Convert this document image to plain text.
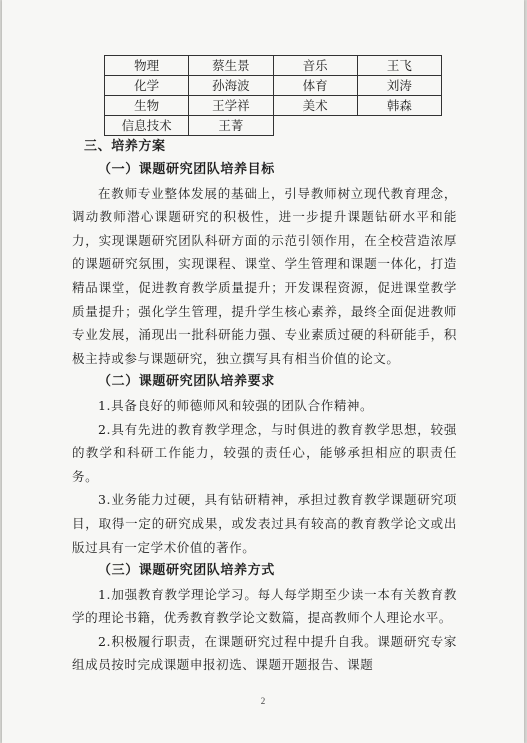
物理	蔡生景	音乐	王飞
化学	孙海波	体育	刘涛
生物	王学祥	美术	韩森
信息技术	王菁		

三、培养方案

（一）课题研究团队培养目标

在教师专业整体发展的基础上，引导教师树立现代教育理念，调动教师潜心课题研究的积极性，进一步提升课题钻研水平和能力，实现课题研究团队科研方面的示范引领作用，在全校营造浓厚的课题研究氛围，实现课程、课堂、学生管理和课题一体化，打造精品课堂，促进教育教学质量提升；开发课程资源，促进课堂教学质量提升；强化学生管理，提升学生核心素养，最终全面促进教师专业发展，涌现出一批科研能力强、专业素质过硬的科研能手，积极主持或参与课题研究，独立撰写具有相当价值的论文。

（二）课题研究团队培养要求

1.具备良好的师德师风和较强的团队合作精神。

2.具有先进的教育教学理念，与时俱进的教育教学思想，较强的教学和科研工作能力，较强的责任心，能够承担相应的职责任务。

3.业务能力过硬，具有钻研精神，承担过教育教学课题研究项目，取得一定的研究成果，或发表过具有较高的教育教学论文或出版过具有一定学术价值的著作。

（三）课题研究团队培养方式

1.加强教育教学理论学习。每人每学期至少读一本有关教育教学的理论书籍，优秀教育教学论文数篇，提高教师个人理论水平。

2.积极履行职责，在课题研究过程中提升自我。课题研究专家组成员按时完成课题申报初选、课题开题报告、课题

2
